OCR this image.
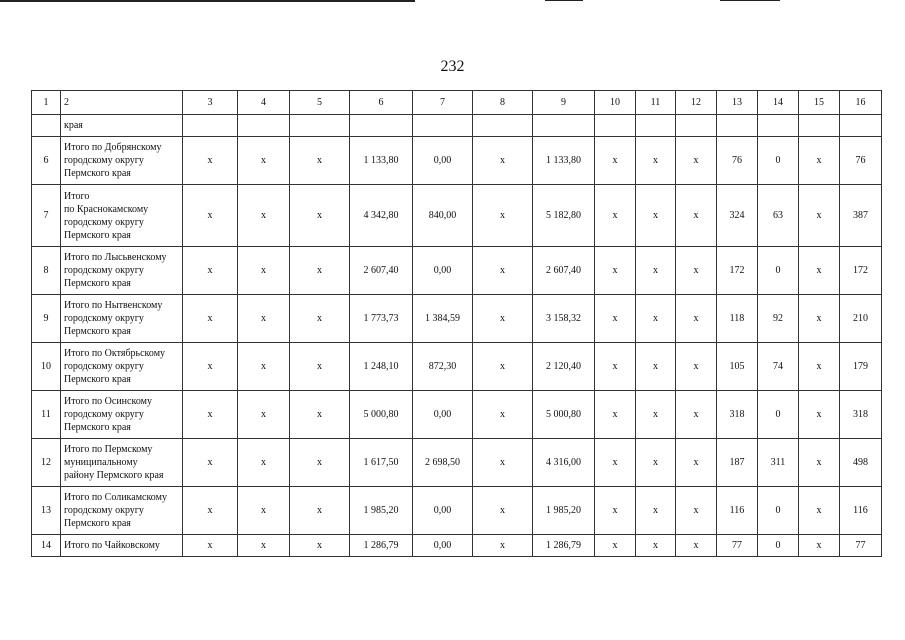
232
1	2	3	4	5	6	7	8	9	10	11	12	13	14	15	16
	края														
6	Итого по Добрянскому
городскому округу
Пермского края	x	x	x	1 133,80	0,00	x	1 133,80	x	x	x	76	0	x	76
7	Итого
по Краснокамскому
городскому округу
Пермского края	x	x	x	4 342,80	840,00	x	5 182,80	x	x	x	324	63	x	387
8	Итого по Лысьвенскому
городскому округу
Пермского края	x	x	x	2 607,40	0,00	x	2 607,40	x	x	x	172	0	x	172
9	Итого по Нытвенскому
городскому округу
Пермского края	x	x	x	1 773,73	1 384,59	x	3 158,32	x	x	x	118	92	x	210
10	Итого по Октябрьскому
городскому округу
Пермского края	x	x	x	1 248,10	872,30	x	2 120,40	x	x	x	105	74	x	179
11	Итого по Осинскому
городскому округу
Пермского края	x	x	x	5 000,80	0,00	x	5 000,80	x	x	x	318	0	x	318
12	Итого по Пермскому
муниципальному
району Пермского края	x	x	x	1 617,50	2 698,50	x	4 316,00	x	x	x	187	311	x	498
13	Итого по Соликамскому
городскому округу
Пермского края	x	x	x	1 985,20	0,00	x	1 985,20	x	x	x	116	0	x	116
14	Итого по Чайковскому	x	x	x	1 286,79	0,00	x	1 286,79	x	x	x	77	0	x	77
